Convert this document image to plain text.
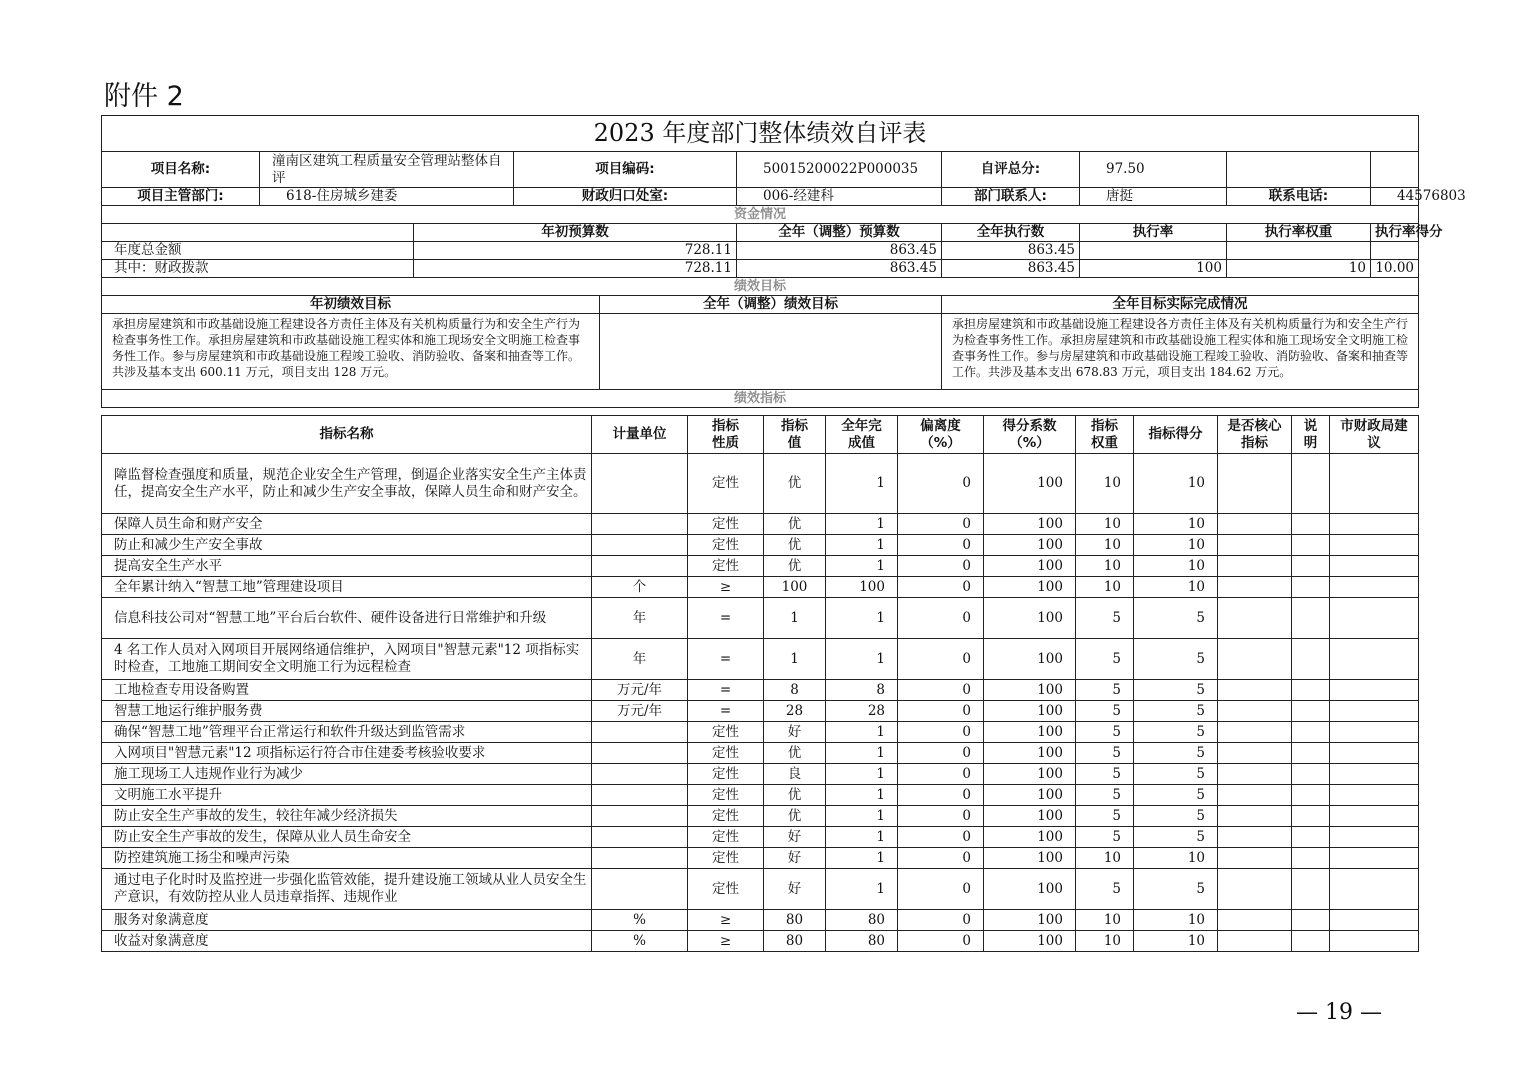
附件 2
2023 年度部门整体绩效自评表									
项目名称:	潼南区建筑工程质量安全管理站整体自评		项目编码:		50015200022P000035	自评总分:	97.50		
项目主管部门:	618-住房城乡建委		财政归口处室:		006-经建科	部门联系人:	唐挺	联系电话:	44576803
资金情况									
		年初预算数			全年（调整）预算数	全年执行数	执行率	执行率权重	执行率得分
年度总金额		728.11			863.45	863.45			
其中：财政拨款		728.11			863.45	863.45	100	10	10.00
绩效目标									
年初绩效目标				全年（调整）绩效目标		全年目标实际完成情况			
承担房屋建筑和市政基础设施工程建设各方责任主体及有关机构质量行为和安全生产行为检查事务性工作。承担房屋建筑和市政基础设施工程实体和施工现场安全文明施工检查事务性工作。参与房屋建筑和市政基础设施工程竣工验收、消防验收、备案和抽查等工作。共涉及基本支出 600.11 万元，项目支出 128 万元。						承担房屋建筑和市政基础设施工程建设各方责任主体及有关机构质量行为和安全生产行为检查事务性工作。承担房屋建筑和市政基础设施工程实体和施工现场安全文明施工检查事务性工作。参与房屋建筑和市政基础设施工程竣工验收、消防验收、备案和抽查等工作。共涉及基本支出 678.83 万元，项目支出 184.62 万元。			
绩效指标									
指标名称	计量单位	指标性质	指标值	全年完成值	偏离度（%）	得分系数（%）	指标权重	指标得分	是否核心指标	说明	市财政局建议
障监督检查强度和质量，规范企业安全生产管理，倒逼企业落实安全生产主体责任，提高安全生产水平，防止和减少生产安全事故，保障人员生命和财产安全。		定性	优	1	0	100	10	10			
保障人员生命和财产安全		定性	优	1	0	100	10	10			
防止和减少生产安全事故		定性	优	1	0	100	10	10			
提高安全生产水平		定性	优	1	0	100	10	10			
全年累计纳入“智慧工地”管理建设项目	个	≥	100	100	0	100	10	10			
信息科技公司对“智慧工地”平台后台软件、硬件设备进行日常维护和升级	年	=	1	1	0	100	5	5			
4 名工作人员对入网项目开展网络通信维护，入网项目"智慧元素"12 项指标实时检查，工地施工期间安全文明施工行为远程检查	年	=	1	1	0	100	5	5			
工地检查专用设备购置	万元/年	=	8	8	0	100	5	5			
智慧工地运行维护服务费	万元/年	=	28	28	0	100	5	5			
确保“智慧工地”管理平台正常运行和软件升级达到监管需求		定性	好	1	0	100	5	5			
入网项目"智慧元素"12 项指标运行符合市住建委考核验收要求		定性	优	1	0	100	5	5			
施工现场工人违规作业行为减少		定性	良	1	0	100	5	5			
文明施工水平提升		定性	优	1	0	100	5	5			
防止安全生产事故的发生，较往年减少经济损失		定性	优	1	0	100	5	5			
防止安全生产事故的发生，保障从业人员生命安全		定性	好	1	0	100	5	5			
防控建筑施工扬尘和噪声污染		定性	好	1	0	100	10	10			
通过电子化时时及监控进一步强化监管效能，提升建设施工领域从业人员安全生产意识，有效防控从业人员违章指挥、违规作业		定性	好	1	0	100	5	5			
服务对象满意度	%	≥	80	80	0	100	10	10			
收益对象满意度	%	≥	80	80	0	100	10	10			
— 19 —
